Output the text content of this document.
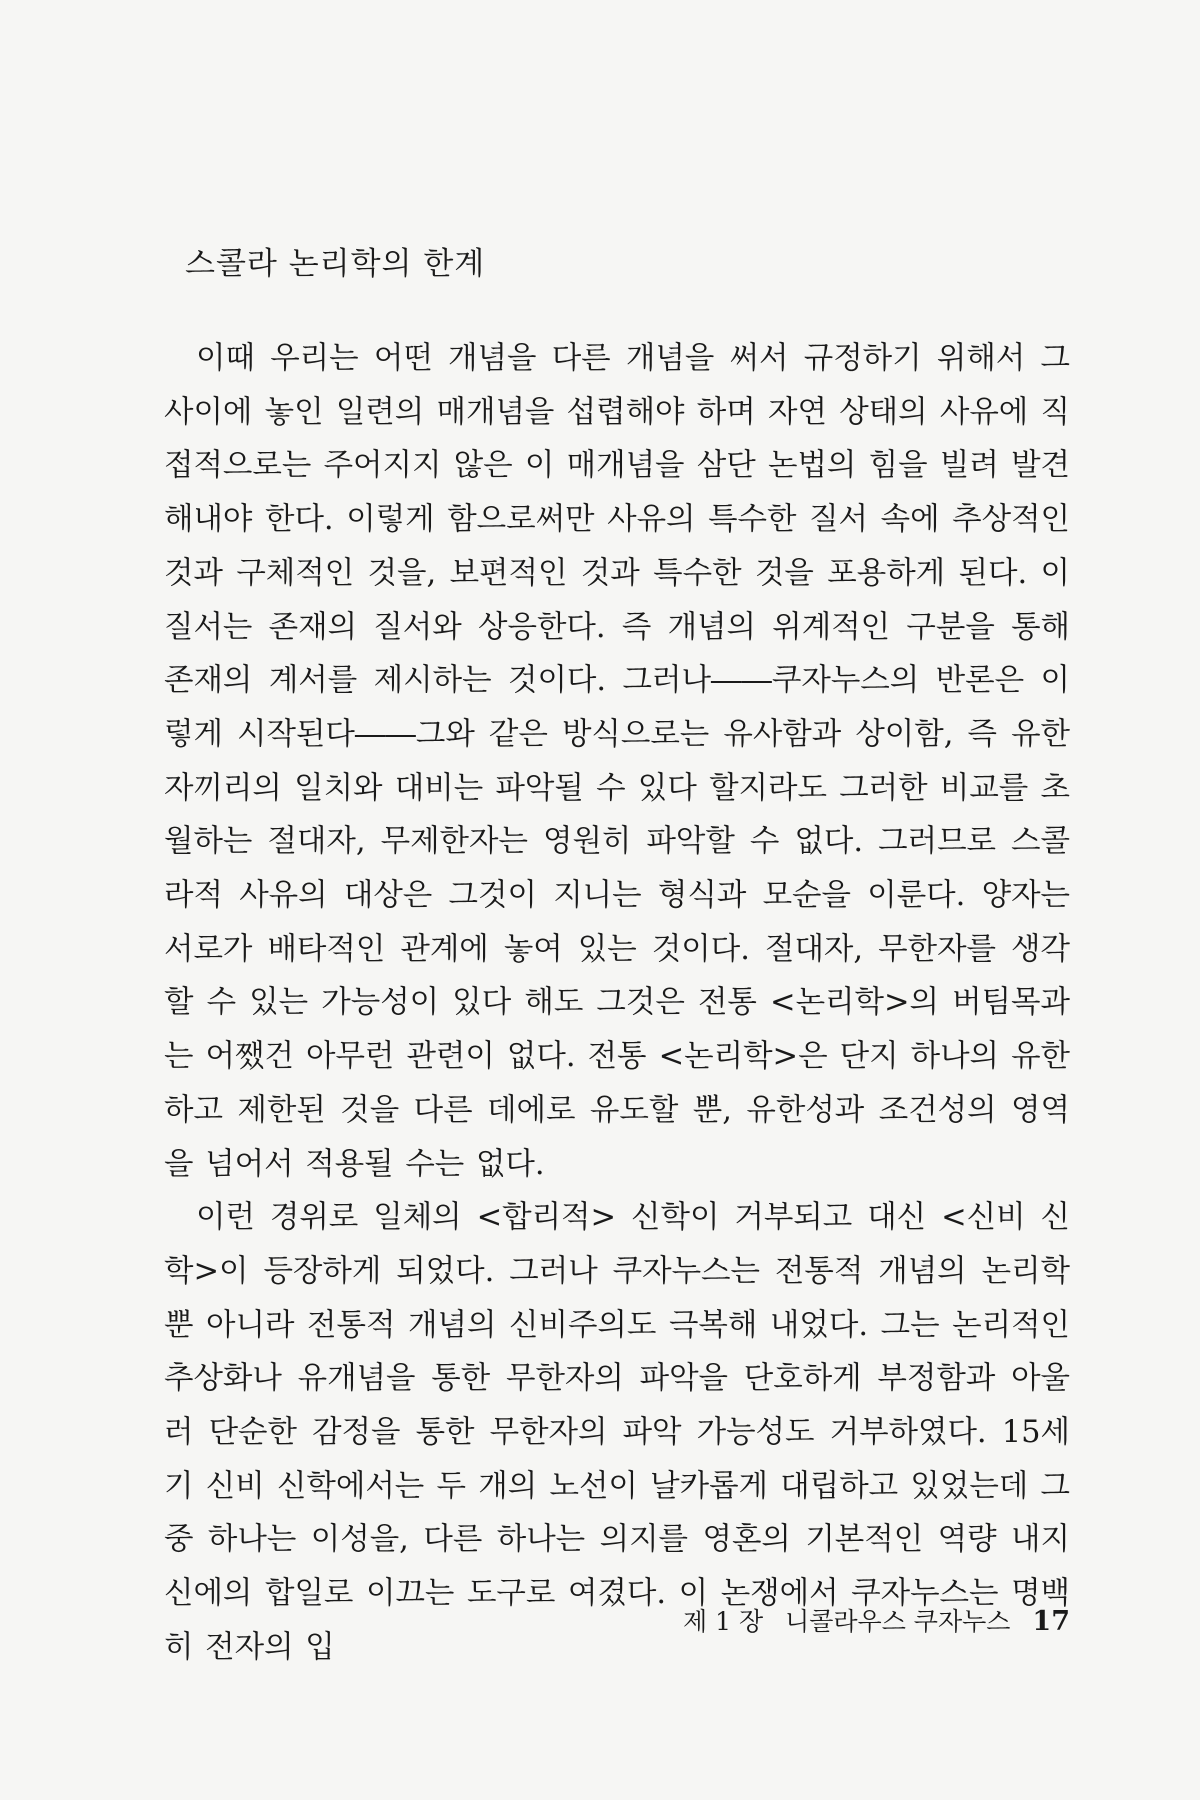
스콜라 논리학의 한계

이때 우리는 어떤 개념을 다른 개념을 써서 규정하기 위해서 그 사이에 놓인 일련의 매개념을 섭렵해야 하며 자연 상태의 사유에 직접적으로는 주어지지 않은 이 매개념을 삼단 논법의 힘을 빌려 발견해내야 한다. 이렇게 함으로써만 사유의 특수한 질서 속에 추상적인 것과 구체적인 것을, 보편적인 것과 특수한 것을 포용하게 된다. 이 질서는 존재의 질서와 상응한다. 즉 개념의 위계적인 구분을 통해 존재의 계서를 제시하는 것이다. 그러나――쿠자누스의 반론은 이렇게 시작된다――그와 같은 방식으로는 유사함과 상이함, 즉 유한자끼리의 일치와 대비는 파악될 수 있다 할지라도 그러한 비교를 초월하는 절대자, 무제한자는 영원히 파악할 수 없다. 그러므로 스콜라적 사유의 대상은 그것이 지니는 형식과 모순을 이룬다. 양자는 서로가 배타적인 관계에 놓여 있는 것이다. 절대자, 무한자를 생각할 수 있는 가능성이 있다 해도 그것은 전통 <논리학>의 버팀목과는 어쨌건 아무런 관련이 없다. 전통 <논리학>은 단지 하나의 유한하고 제한된 것을 다른 데에로 유도할 뿐, 유한성과 조건성의 영역을 넘어서 적용될 수는 없다.

이런 경위로 일체의 <합리적> 신학이 거부되고 대신 <신비 신학>이 등장하게 되었다. 그러나 쿠자누스는 전통적 개념의 논리학뿐 아니라 전통적 개념의 신비주의도 극복해 내었다. 그는 논리적인 추상화나 유개념을 통한 무한자의 파악을 단호하게 부정함과 아울러 단순한 감정을 통한 무한자의 파악 가능성도 거부하였다. 15세기 신비 신학에서는 두 개의 노선이 날카롭게 대립하고 있었는데 그 중 하나는 이성을, 다른 하나는 의지를 영혼의 기본적인 역량 내지 신에의 합일로 이끄는 도구로 여겼다. 이 논쟁에서 쿠자누스는 명백히 전자의 입

제 1 장 니콜라우스 쿠자누스 17
